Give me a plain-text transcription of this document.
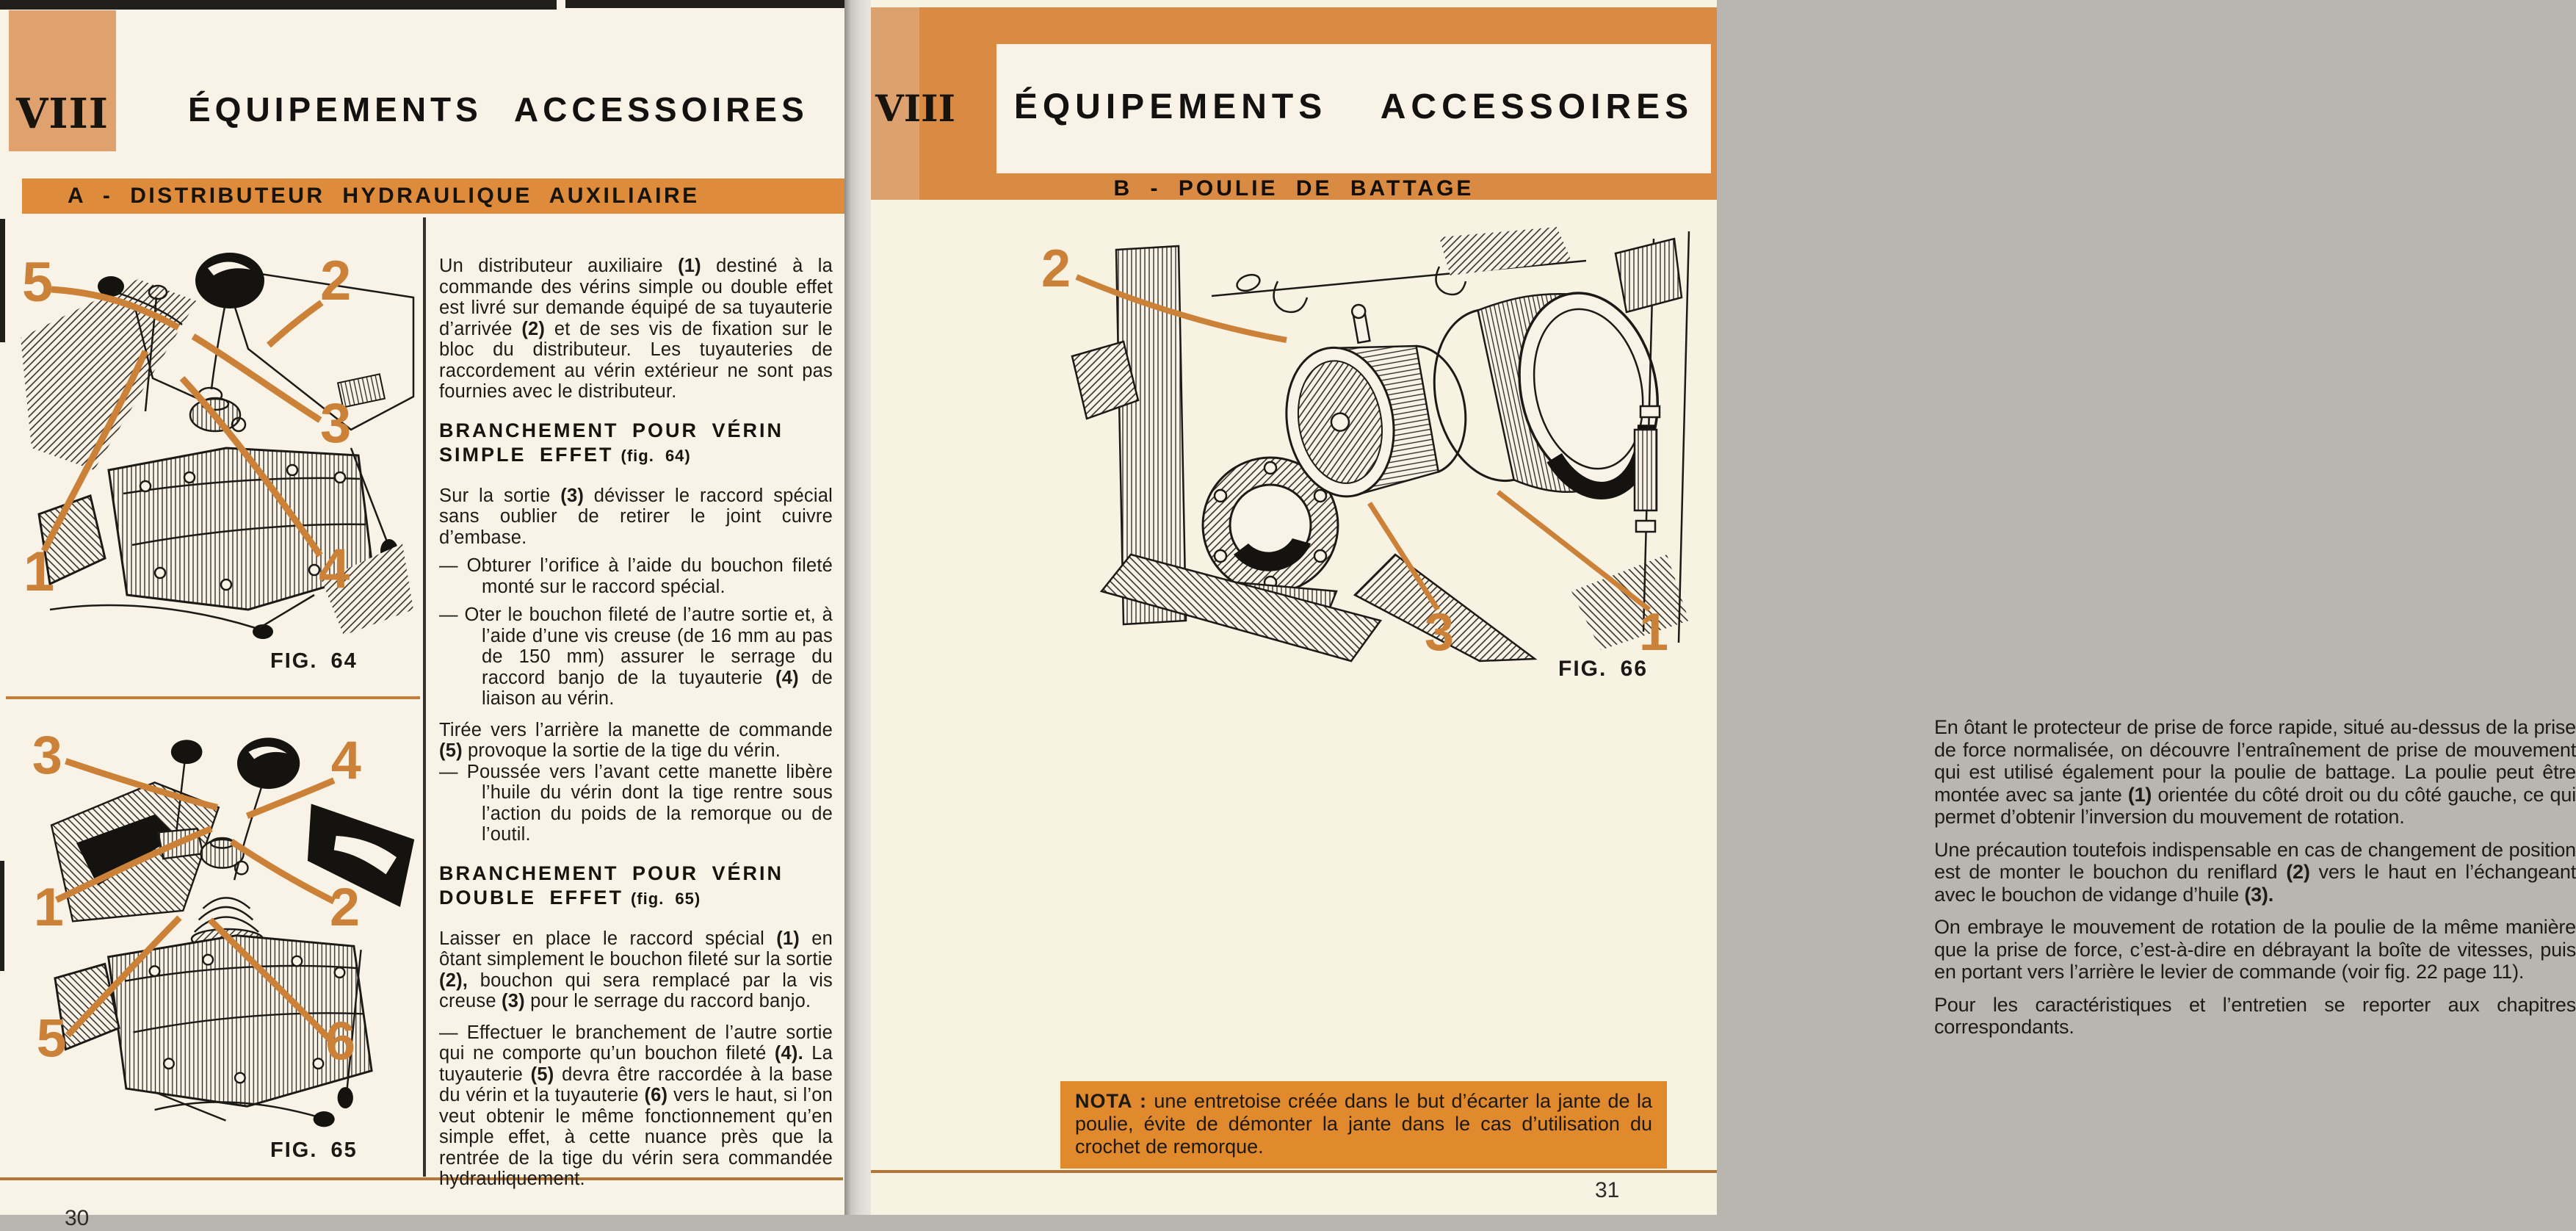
VIII ÉQUIPEMENTS ACCESSOIRES
A - DISTRIBUTEUR HYDRAULIQUE AUXILIAIRE
5	2
3
1	4
FIG. 64
3	4
1	2
5	6
FIG. 65
30

Un distributeur auxiliaire (1) destiné à la commande des vérins simple ou double effet est livré sur demande équipé de sa tuyauterie d’arrivée (2) et de ses vis de fixation sur le bloc du distributeur. Les tuyauteries de raccordement au vérin extérieur ne sont pas fournies avec le distributeur.

BRANCHEMENT POUR VÉRIN SIMPLE EFFET (fig. 64)

Sur la sortie (3) dévisser le raccord spécial sans oublier de retirer le joint cuivre d’embase.

— Obturer l’orifice à l’aide du bouchon fileté monté sur le raccord spécial.

— Oter le bouchon fileté de l’autre sortie et, à l’aide d’une vis creuse (de 16 mm au pas de 150 mm) assurer le serrage du raccord banjo de la tuyauterie (4) de liaison au vérin.

Tirée vers l’arrière la manette de commande (5) provoque la sortie de la tige du vérin.

— Poussée vers l’avant cette manette libère l’huile du vérin dont la tige rentre sous l’action du poids de la remorque ou de l’outil.

BRANCHEMENT POUR VÉRIN DOUBLE EFFET (fig. 65)

Laisser en place le raccord spécial (1) en ôtant simplement le bouchon fileté sur la sortie (2), bouchon qui sera remplacé par la vis creuse (3) pour le serrage du raccord banjo.

— Effectuer le branchement de l’autre sortie qui ne comporte qu’un bouchon fileté (4). La tuyauterie (5) devra être raccordée à la base du vérin et la tuyauterie (6) vers le haut, si l’on veut obtenir le même fonctionnement qu’en simple effet, à cette nuance près que la rentrée de la tige du vérin sera commandée hydrauliquement.

VIII	ÉQUIPEMENTS ACCESSOIRES
B - POULIE DE BATTAGE
2
3	1
FIG. 66

En ôtant le protecteur de prise de force rapide, situé au-dessus de la prise de force normalisée, on découvre l’entraînement de prise de mouvement qui est utilisé également pour la poulie de battage. La poulie peut être montée avec sa jante (1) orientée du côté droit ou du côté gauche, ce qui permet d’obtenir l’inversion du mouvement de rotation.

Une précaution toutefois indispensable en cas de changement de position est de monter le bouchon du reniflard (2) vers le haut en l’échangeant avec le bouchon de vidange d’huile (3).

On embraye le mouvement de rotation de la poulie de la même manière que la prise de force, c’est-à-dire en débrayant la boîte de vitesses, puis en portant vers l’arrière le levier de commande (voir fig. 22 page 11).

Pour les caractéristiques et l’entretien se reporter aux chapitres correspondants.

NOTA : une entretoise créée dans le but d’écarter la jante de la poulie, évite de démonter la jante dans le cas d’utilisation du crochet de remorque.
31
